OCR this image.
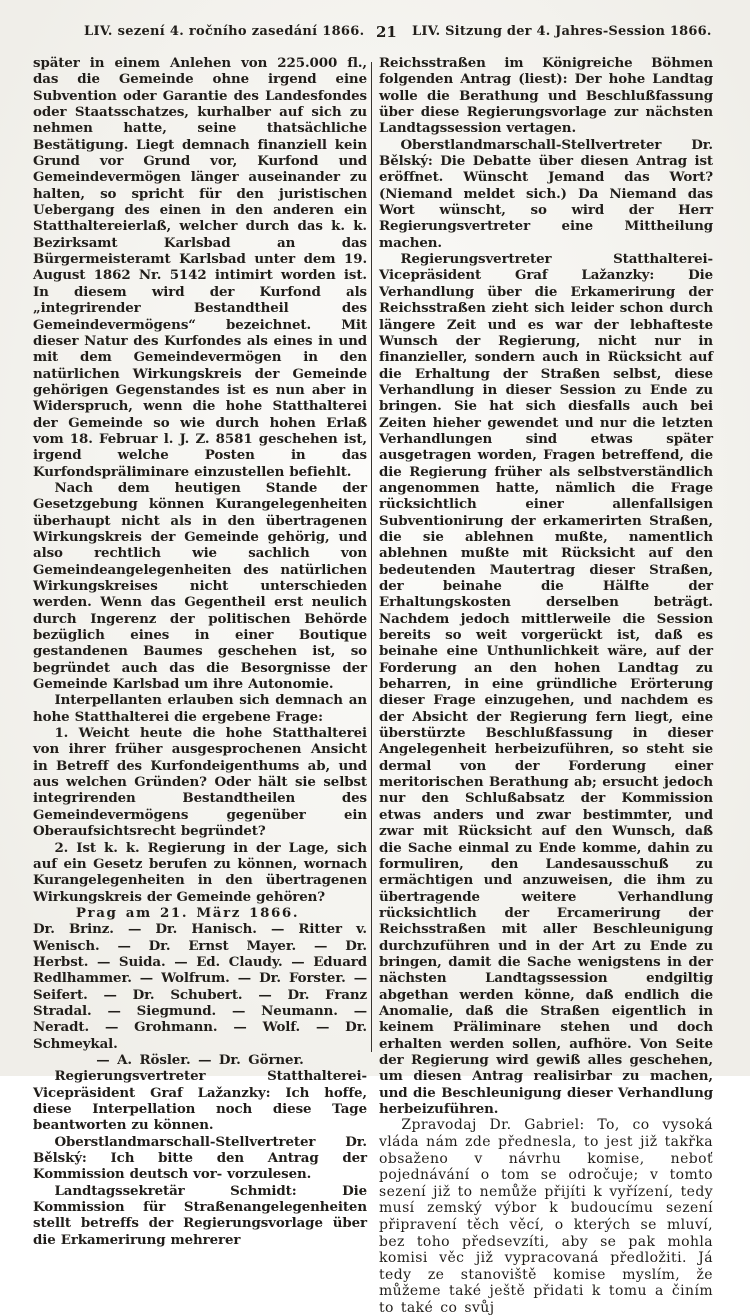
LIV. sezení 4. ročního zasedání 1866. 21 LIV. Sitzung der 4. Jahres-Session 1866.

später in einem Anlehen von 225.000 fl., das die Gemeinde ohne irgend eine Subvention oder Garantie des Landesfondes oder Staatsschatzes, kurhalber auf sich zu nehmen hatte, seine thatsächliche Bestätigung. Liegt demnach finanziell kein Grund vor Grund vor, Kurfond und Gemeindevermögen länger auseinander zu halten, so spricht für den juristischen Uebergang des einen in den anderen ein Statthaltereierlaß, welcher durch das k. k. Bezirksamt Karlsbad an das Bürgermeisteramt Karlsbad unter dem 19. August 1862 Nr. 5142 intimirt worden ist. In diesem wird der Kurfond als „integrirender Bestandtheil des Gemeindevermögens“ bezeichnet. Mit dieser Natur des Kurfondes als eines in und mit dem Gemeindevermögen in den natürlichen Wirkungskreis der Gemeinde gehörigen Gegenstandes ist es nun aber in Widerspruch, wenn die hohe Statthalterei der Gemeinde so wie durch hohen Erlaß vom 18. Februar l. J. Z. 8581 geschehen ist, irgend welche Posten in das Kurfondspräliminare einzustellen befiehlt.

Nach dem heutigen Stande der Gesetzgebung können Kurangelegenheiten überhaupt nicht als in den übertragenen Wirkungskreis der Gemeinde gehörig, und also rechtlich wie sachlich von Gemeindeangelegenheiten des natürlichen Wirkungskreises nicht unterschieden werden. Wenn das Gegentheil erst neulich durch Ingerenz der politischen Behörde bezüglich eines in einer Boutique gestandenen Baumes geschehen ist, so begründet auch das die Besorgnisse der Gemeinde Karlsbad um ihre Autonomie.

Interpellanten erlauben sich demnach an hohe Statthalterei die ergebene Frage:

1. Weicht heute die hohe Statthalterei von ihrer früher ausgesprochenen Ansicht in Betreff des Kurfondeigenthums ab, und aus welchen Gründen? Oder hält sie selbst integrirenden Bestandtheilen des Gemeindevermögens gegenüber ein Oberaufsichtsrecht begründet?

2. Ist k. k. Regierung in der Lage, sich auf ein Gesetz berufen zu können, wornach Kurangelegenheiten in den übertragenen Wirkungskreis der Gemeinde gehören?

Prag am 21. März 1866.

Dr. Brinz. — Dr. Hanisch. — Ritter v. Wenisch. — Dr. Ernst Mayer. — Dr. Herbst. — Suida. — Ed. Claudy. — Eduard Redlhammer. — Wolfrum. — Dr. Forster. — Seifert. — Dr. Schubert. — Dr. Franz Stradal. — Siegmund. — Neumann. — Neradt. — Grohmann. — Wolf. — Dr. Schmeykal.

— A. Rösler. — Dr. Görner.

Regierungsvertreter Statthalterei-Vicepräsident Graf Lažanzky: Ich hoffe, diese Interpellation noch diese Tage beantworten zu können.

Oberstlandmarschall-Stellvertreter Dr. Bělský: Ich bitte den Antrag der Kommission deutsch vor- vorzulesen.

Landtagssekretär Schmidt: Die Kommission für Straßenangelegenheiten stellt betreffs der Regierungsvorlage über die Erkamerirung mehrerer

Reichsstraßen im Königreiche Böhmen folgenden Antrag (liest): Der hohe Landtag wolle die Berathung und Beschlußfassung über diese Regierungsvorlage zur nächsten Landtagssession vertagen.

Oberstlandmarschall-Stellvertreter Dr. Bělský: Die Debatte über diesen Antrag ist eröffnet. Wünscht Jemand das Wort? (Niemand meldet sich.) Da Niemand das Wort wünscht, so wird der Herr Regierungsvertreter eine Mittheilung machen.

Regierungsvertreter Statthalterei-Vicepräsident Graf Lažanzky: Die Verhandlung über die Erkamerirung der Reichsstraßen zieht sich leider schon durch längere Zeit und es war der lebhafteste Wunsch der Regierung, nicht nur in finanzieller, sondern auch in Rücksicht auf die Erhaltung der Straßen selbst, diese Verhandlung in dieser Session zu Ende zu bringen. Sie hat sich diesfalls auch bei Zeiten hieher gewendet und nur die letzten Verhandlungen sind etwas später ausgetragen worden, Fragen betreffend, die die Regierung früher als selbstverständlich angenommen hatte, nämlich die Frage rücksichtlich einer allenfallsigen Subventionirung der erkamerirten Straßen, die sie ablehnen mußte, namentlich ablehnen mußte mit Rücksicht auf den bedeutenden Mautertrag dieser Straßen, der beinahe die Hälfte der Erhaltungskosten derselben beträgt. Nachdem jedoch mittlerweile die Session bereits so weit vorgerückt ist, daß es beinahe eine Unthunlichkeit wäre, auf der Forderung an den hohen Landtag zu beharren, in eine gründliche Erörterung dieser Frage einzugehen, und nachdem es der Absicht der Regierung fern liegt, eine überstürzte Beschlußfassung in dieser Angelegenheit herbeizuführen, so steht sie dermal von der Forderung einer meritorischen Berathung ab; ersucht jedoch nur den Schlußabsatz der Kommission etwas anders und zwar bestimmter, und zwar mit Rücksicht auf den Wunsch, daß die Sache einmal zu Ende komme, dahin zu formuliren, den Landesausschuß zu ermächtigen und anzuweisen, die ihm zu übertragende weitere Verhandlung rücksichtlich der Ercamerirung der Reichsstraßen mit aller Beschleunigung durchzuführen und in der Art zu Ende zu bringen, damit die Sache wenigstens in der nächsten Landtagssession endgiltig abgethan werden könne, daß endlich die Anomalie, daß die Straßen eigentlich in keinem Präliminare stehen und doch erhalten werden sollen, aufhöre. Von Seite der Regierung wird gewiß alles geschehen, um diesen Antrag realisirbar zu machen, und die Beschleunigung dieser Verhandlung herbeizuführen.

Zpravodaj Dr. Gabriel: To, co vysoká vláda nám zde přednesla, to jest již takřka obsaženo v návrhu komise, neboť pojednávání o tom se odročuje; v tomto sezení již to nemůže přijíti k vyřízení, tedy musí zemský výbor k budoucímu sezení připravení těch věcí, o kterých se mluví, bez toho předsevzíti, aby se pak mohla komisi věc již vypracovaná předložiti. Já tedy ze stanoviště komise myslím, že můžeme také ještě přidati k tomu a činím to také co svůj
